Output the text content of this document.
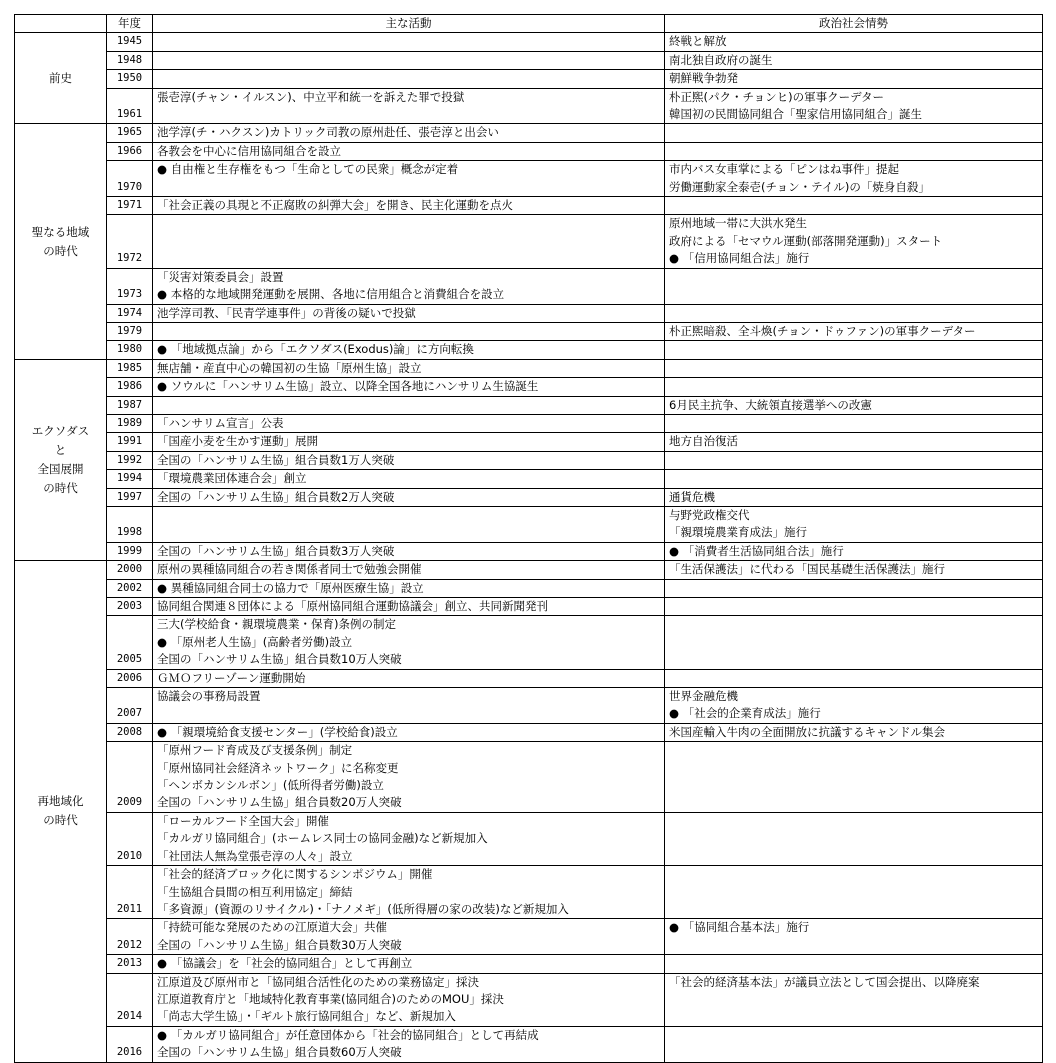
	年度	主な活動	政治社会情勢

前史	1945		終戦と解放

	1948		南北独自政府の誕生

	1950		朝鮮戦争勃発

	1961	張壱淳(チャン・イルスン)、中立平和統一を訴えた罪で投獄	朴正煕(パク・チョンヒ)の軍事クーデター
韓国初の民間協同組合「聖家信用協同組合」誕生

聖なる地域
の時代	1965	池学淳(チ・ハクスン)カトリック司教の原州赴任、張壱淳と出会い	

	1966	各教会を中心に信用協同組合を設立	

	1970	● 自由権と生存権をもつ「生命としての民衆」概念が定着	市内バス女車掌による「ピンはね事件」提起
労働運動家全泰壱(チョン・テイル)の「焼身自殺」

	1971	「社会正義の具現と不正腐敗の糾弾大会」を開き、民主化運動を点火	

	1972		原州地域一帯に大洪水発生
政府による「セマウル運動(部落開発運動)」スタート
● 「信用協同組合法」施行

	1973	「災害対策委員会」設置
● 本格的な地域開発運動を展開、各地に信用組合と消費組合を設立	

	1974	池学淳司教、「民青学連事件」の背後の疑いで投獄	

	1979		朴正煕暗殺、全斗煥(チョン・ドゥファン)の軍事クーデター

	1980	● 「地域拠点論」から「エクソダス(Exodus)論」に方向転換	

エクソダス
と
全国展開
の時代	1985	無店舗・産直中心の韓国初の生協「原州生協」設立	

	1986	● ソウルに「ハンサリム生協」設立、以降全国各地にハンサリム生協誕生	

	1987		6月民主抗争、大統領直接選挙への改憲

	1989	「ハンサリム宣言」公表	

	1991	「国産小麦を生かす運動」展開	地方自治復活

	1992	全国の「ハンサリム生協」組合員数1万人突破	

	1994	「環境農業団体連合会」創立	

	1997	全国の「ハンサリム生協」組合員数2万人突破	通貨危機

	1998		与野党政権交代
「親環境農業育成法」施行

	1999	全国の「ハンサリム生協」組合員数3万人突破	● 「消費者生活協同組合法」施行

再地域化
の時代	2000	原州の異種協同組合の若き関係者同士で勉強会開催	「生活保護法」に代わる「国民基礎生活保護法」施行

	2002	● 異種協同組合同士の協力で「原州医療生協」設立	

	2003	協同組合関連８団体による「原州協同組合運動協議会」創立、共同新聞発刊	

	2005	三大(学校給食・親環境農業・保育)条例の制定
● 「原州老人生協」(高齢者労働)設立
全国の「ハンサリム生協」組合員数10万人突破	

	2006	ＧＭＯフリーゾーン運動開始	

	2007	協議会の事務局設置	世界金融危機
● 「社会的企業育成法」施行

	2008	● 「親環境給食支援センター」(学校給食)設立	米国産輸入牛肉の全面開放に抗議するキャンドル集会

	2009	「原州フード育成及び支援条例」制定
「原州協同社会経済ネットワーク」に名称変更
「ヘンボカンシルボン」(低所得者労働)設立
全国の「ハンサリム生協」組合員数20万人突破	

	2010	「ローカルフード全国大会」開催
「カルガリ協同組合」(ホームレス同士の協同金融)など新規加入
「社団法人無為堂張壱淳の人々」設立	

	2011	「社会的経済ブロック化に関するシンポジウム」開催
「生協組合員間の相互利用協定」締結
「多資源」(資源のリサイクル)・「ナノメギ」(低所得層の家の改装)など新規加入	

	2012	「持続可能な発展のための江原道大会」共催
全国の「ハンサリム生協」組合員数30万人突破	● 「協同組合基本法」施行

	2013	● 「協議会」を「社会的協同組合」として再創立	

	2014	江原道及び原州市と「協同組合活性化のための業務協定」採決
江原道教育庁と「地域特化教育事業(協同組合)のためのMOU」採決
「尚志大学生協」・「ギルト旅行協同組合」など、新規加入	「社会的経済基本法」が議員立法として国会提出、以降廃案

	2016	● 「カルガリ協同組合」が任意団体から「社会的協同組合」として再結成
全国の「ハンサリム生協」組合員数60万人突破	
